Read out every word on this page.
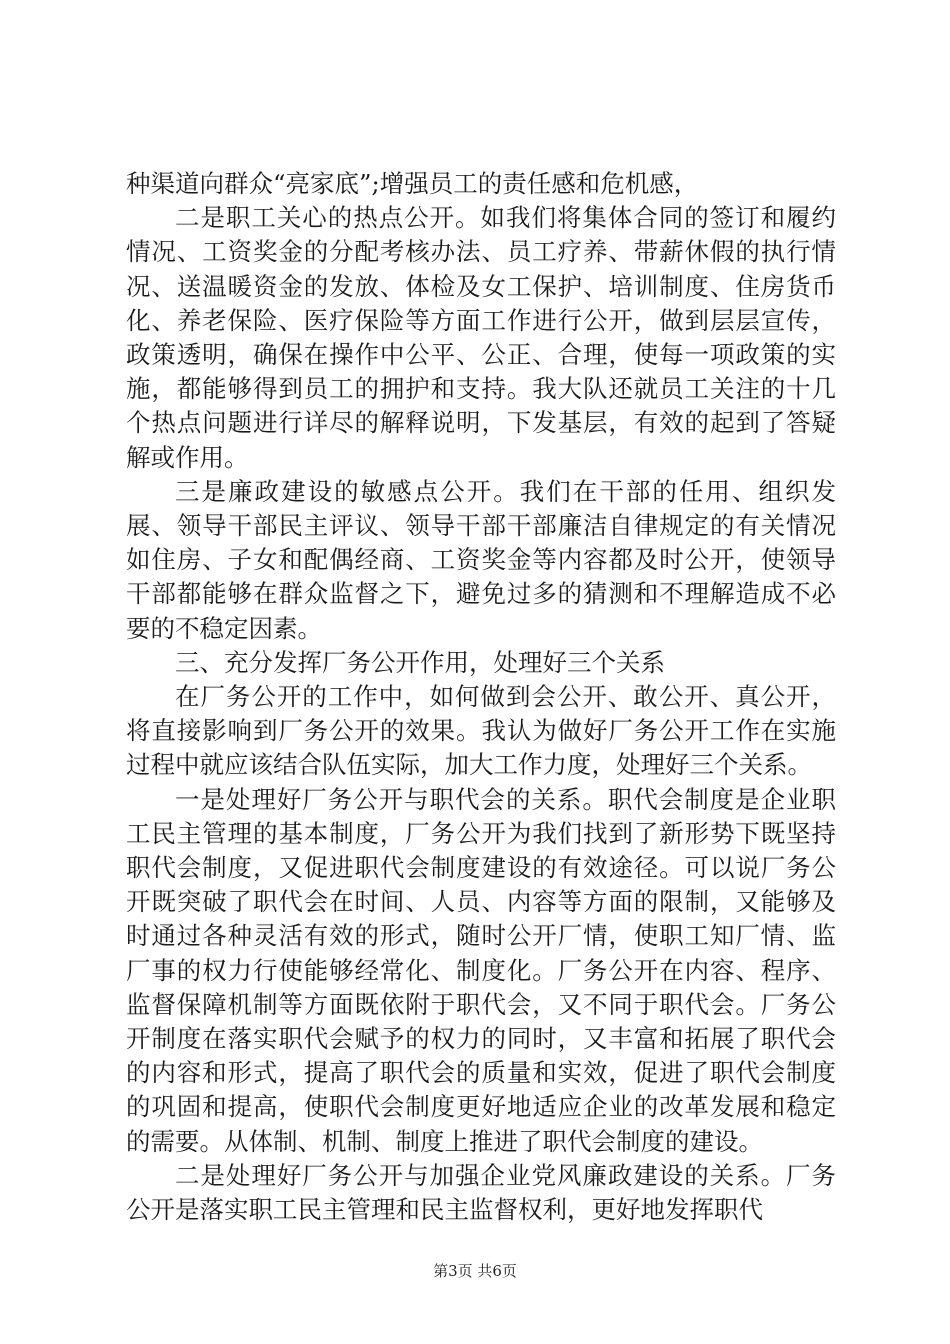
种渠道向群众“亮家底”;增强员工的责任感和危机感，

二是职工关心的热点公开。如我们将集体合同的签订和履约情况、工资奖金的分配考核办法、员工疗养、带薪休假的执行情况、送温暖资金的发放、体检及女工保护、培训制度、住房货币化、养老保险、医疗保险等方面工作进行公开，做到层层宣传，政策透明，确保在操作中公平、公正、合理，使每一项政策的实施，都能够得到员工的拥护和支持。我大队还就员工关注的十几个热点问题进行详尽的解释说明，下发基层，有效的起到了答疑解或作用。

三是廉政建设的敏感点公开。我们在干部的任用、组织发展、领导干部民主评议、领导干部干部廉洁自律规定的有关情况如住房、子女和配偶经商、工资奖金等内容都及时公开，使领导干部都能够在群众监督之下，避免过多的猜测和不理解造成不必要的不稳定因素。

三、充分发挥厂务公开作用，处理好三个关系

在厂务公开的工作中，如何做到会公开、敢公开、真公开，将直接影响到厂务公开的效果。我认为做好厂务公开工作在实施过程中就应该结合队伍实际，加大工作力度，处理好三个关系。

一是处理好厂务公开与职代会的关系。职代会制度是企业职工民主管理的基本制度，厂务公开为我们找到了新形势下既坚持职代会制度，又促进职代会制度建设的有效途径。可以说厂务公开既突破了职代会在时间、人员、内容等方面的限制，又能够及时通过各种灵活有效的形式，随时公开厂情，使职工知厂情、监厂事的权力行使能够经常化、制度化。厂务公开在内容、程序、监督保障机制等方面既依附于职代会，又不同于职代会。厂务公开制度在落实职代会赋予的权力的同时，又丰富和拓展了职代会的内容和形式，提高了职代会的质量和实效，促进了职代会制度的巩固和提高，使职代会制度更好地适应企业的改革发展和稳定的需要。从体制、机制、制度上推进了职代会制度的建设。

二是处理好厂务公开与加强企业党风廉政建设的关系。厂务公开是落实职工民主管理和民主监督权利，更好地发挥职代

第3页 共6页
